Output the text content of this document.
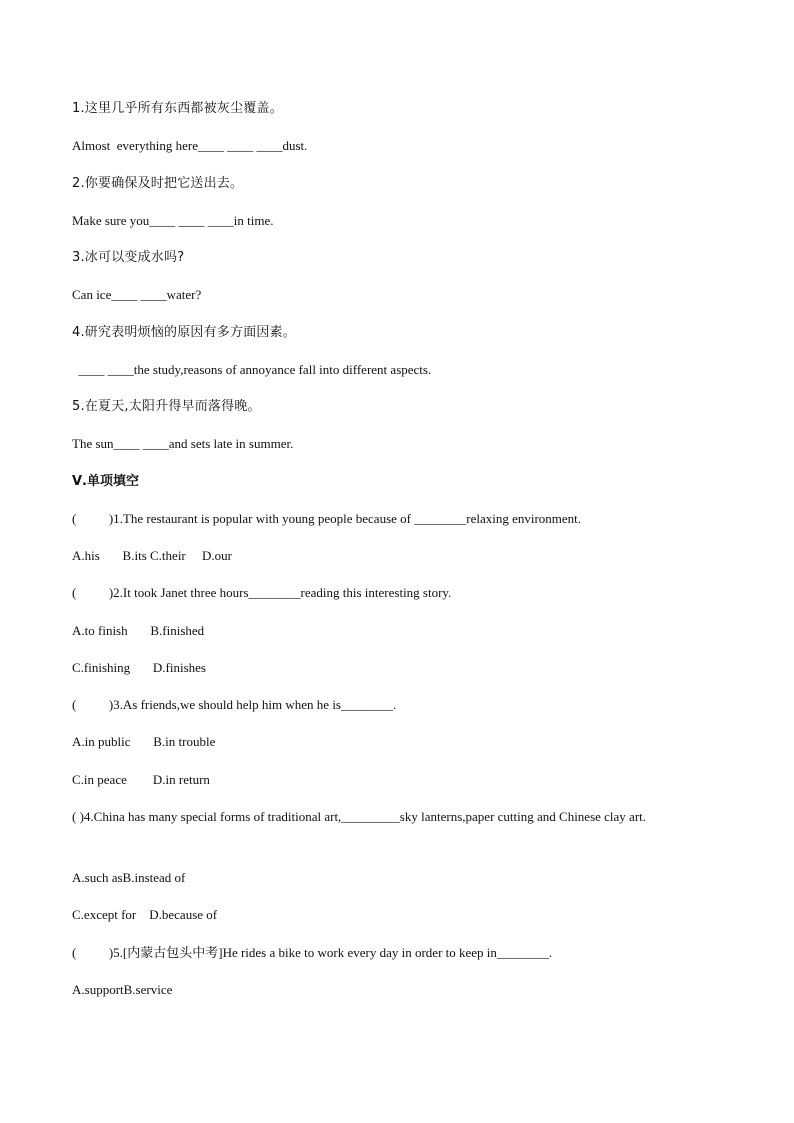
1.这里几乎所有东西都被灰尘覆盖。
Almost  everything here____ ____ ____dust.
2.你要确保及时把它送出去。
Make sure you____ ____ ____in time.
3.冰可以变成水吗?
Can ice____ ____water?
4.研究表明烦恼的原因有多方面因素。
____ ____the study,reasons of annoyance fall into different aspects.
5.在夏天,太阳升得早而落得晚。
The sun____ ____and sets late in summer.
Ⅴ.单项填空
(          )1.The restaurant is popular with young people because of ________relaxing environment.
A.his       B.its C.their     D.our
(          )2.It took Janet three hours________reading this interesting story.
A.to finish       B.finished
C.finishing       D.finishes
(          )3.As friends,we should help him when he is________.
A.in public       B.in trouble
C.in peace        D.in return
( )4.China has many special forms of traditional art,_________sky lanterns,paper cutting and Chinese clay art.
A.such asB.instead of
C.except for    D.because of
(          )5.[内蒙古包头中考]He rides a bike to work every day in order to keep in________.
A.supportB.service
